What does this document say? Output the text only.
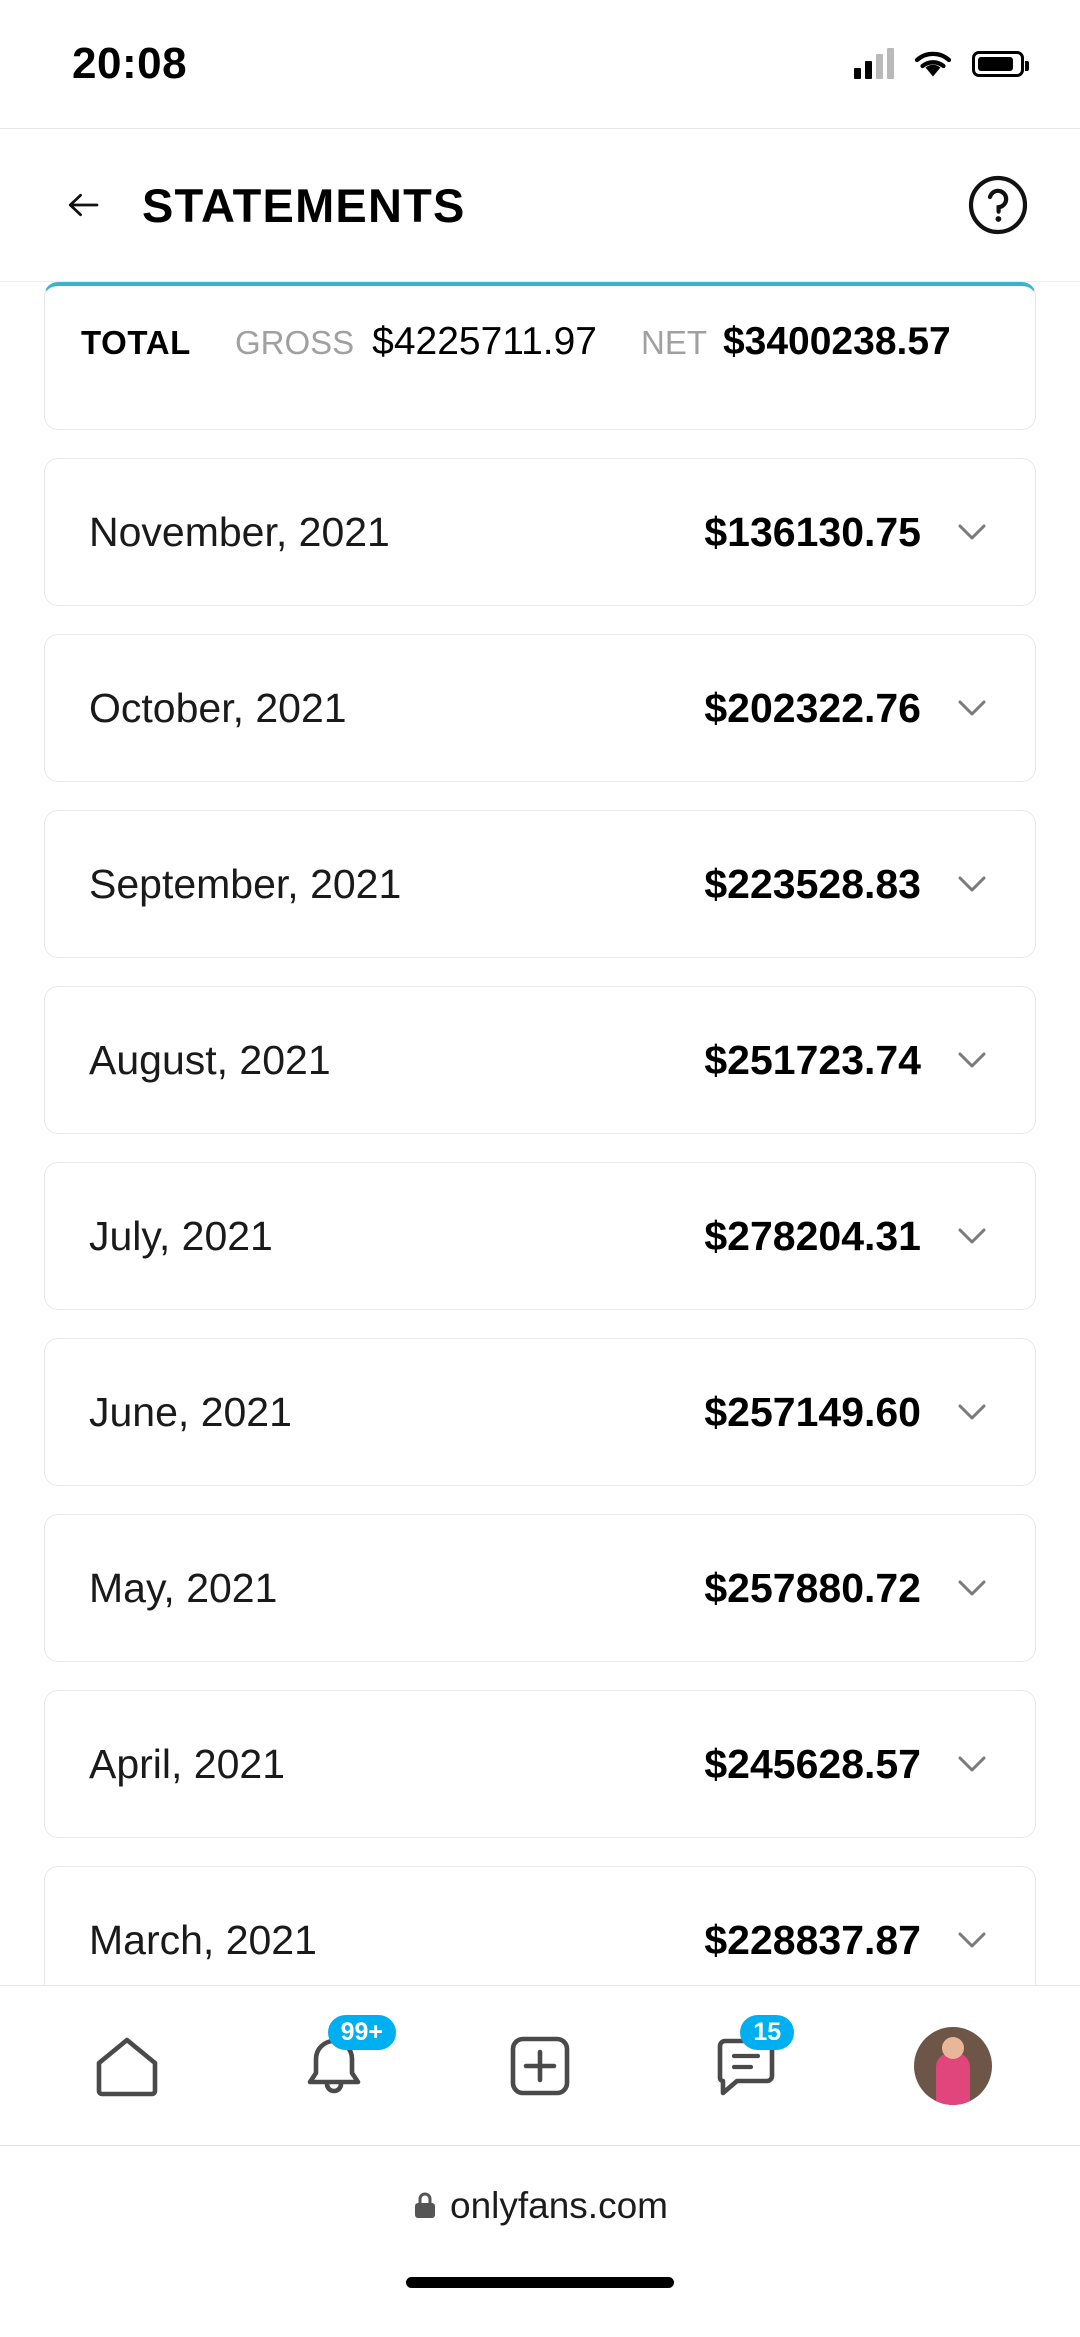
20:08
STATEMENTS
TOTAL GROSS $4225711.97 NET $3400238.57
November, 2021	$136130.75
October, 2021	$202322.76
September, 2021	$223528.83
August, 2021	$251723.74
July, 2021	$278204.31
June, 2021	$257149.60
May, 2021	$257880.72
April, 2021	$245628.57
March, 2021	$228837.87
99+	15
onlyfans.com
